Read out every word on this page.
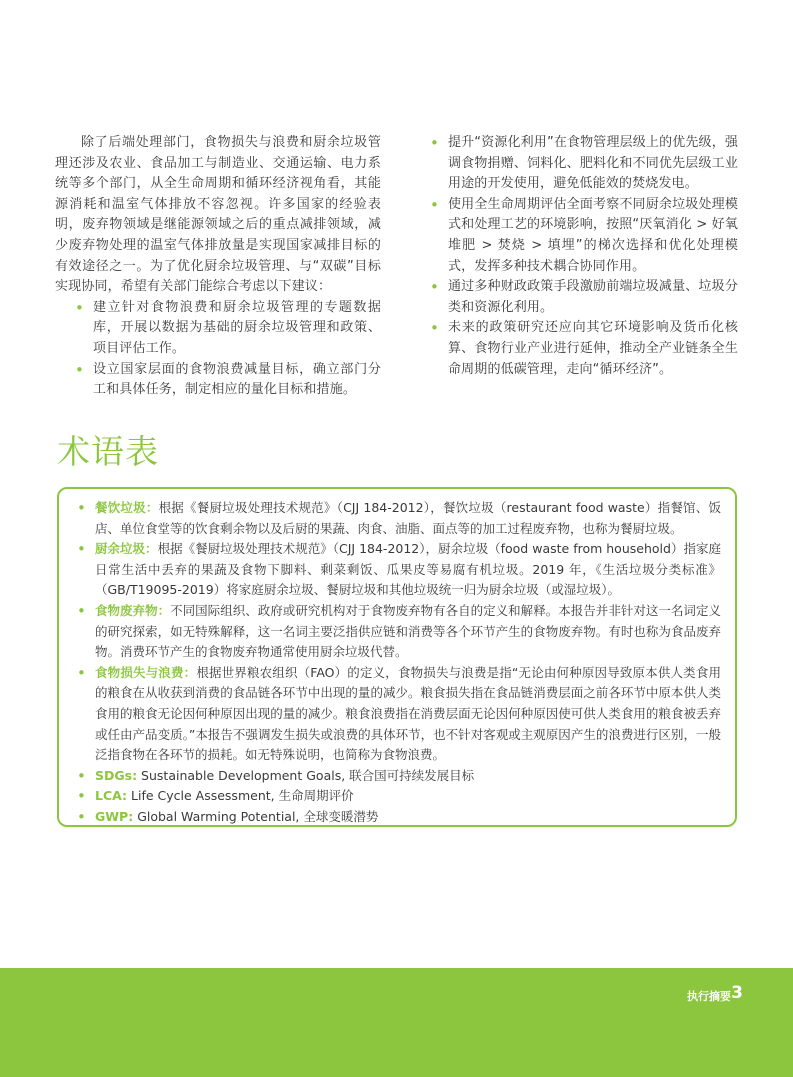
除了后端处理部门，食物损失与浪费和厨余垃圾管理还涉及农业、食品加工与制造业、交通运输、电力系统等多个部门，从全生命周期和循环经济视角看，其能源消耗和温室气体排放不容忽视。许多国家的经验表明，废弃物领域是继能源领域之后的重点减排领域，减少废弃物处理的温室气体排放量是实现国家减排目标的有效途径之一。为了优化厨余垃圾管理、与“双碳”目标实现协同，希望有关部门能综合考虑以下建议：

• 建立针对食物浪费和厨余垃圾管理的专题数据库，开展以数据为基础的厨余垃圾管理和政策、项目评估工作。
• 设立国家层面的食物浪费减量目标，确立部门分工和具体任务，制定相应的量化目标和措施。
• 提升“资源化利用”在食物管理层级上的优先级，强调食物捐赠、饲料化、肥料化和不同优先层级工业用途的开发使用，避免低能效的焚烧发电。
• 使用全生命周期评估全面考察不同厨余垃圾处理模式和处理工艺的环境影响，按照“厌氧消化 > 好氧堆肥 > 焚烧 > 填埋”的梯次选择和优化处理模式，发挥多种技术耦合协同作用。
• 通过多种财政政策手段激励前端垃圾减量、垃圾分类和资源化利用。
• 未来的政策研究还应向其它环境影响及货币化核算、食物行业产业进行延伸，推动全产业链条全生命周期的低碳管理，走向“循环经济”。
术语表
• 餐饮垃圾：根据《餐厨垃圾处理技术规范》（CJJ 184-2012），餐饮垃圾（restaurant food waste）指餐馆、饭店、单位食堂等的饮食剩余物以及后厨的果蔬、肉食、油脂、面点等的加工过程废弃物，也称为餐厨垃圾。
• 厨余垃圾：根据《餐厨垃圾处理技术规范》（CJJ 184-2012），厨余垃圾（food waste from household）指家庭日常生活中丢弃的果蔬及食物下脚料、剩菜剩饭、瓜果皮等易腐有机垃圾。2019 年，《生活垃圾分类标准》（GB/T19095-2019）将家庭厨余垃圾、餐厨垃圾和其他垃圾统一归为厨余垃圾（或湿垃圾）。
• 食物废弃物：不同国际组织、政府或研究机构对于食物废弃物有各自的定义和解释。本报告并非针对这一名词定义的研究探索，如无特殊解释，这一名词主要泛指供应链和消费等各个环节产生的食物废弃物。有时也称为食品废弃物。消费环节产生的食物废弃物通常使用厨余垃圾代替。
• 食物损失与浪费：根据世界粮农组织（FAO）的定义，食物损失与浪费是指“无论由何种原因导致原本供人类食用的粮食在从收获到消费的食品链各环节中出现的量的减少。粮食损失指在食品链消费层面之前各环节中原本供人类食用的粮食无论因何种原因出现的量的减少。粮食浪费指在消费层面无论因何种原因使可供人类食用的粮食被丢弃或任由产品变质。”本报告不强调发生损失或浪费的具体环节，也不针对客观或主观原因产生的浪费进行区别，一般泛指食物在各环节的损耗。如无特殊说明，也简称为食物浪费。
• SDGs: Sustainable Development Goals, 联合国可持续发展目标
• LCA: Life Cycle Assessment, 生命周期评价
• GWP: Global Warming Potential, 全球变暖潜势
执行摘要 3
